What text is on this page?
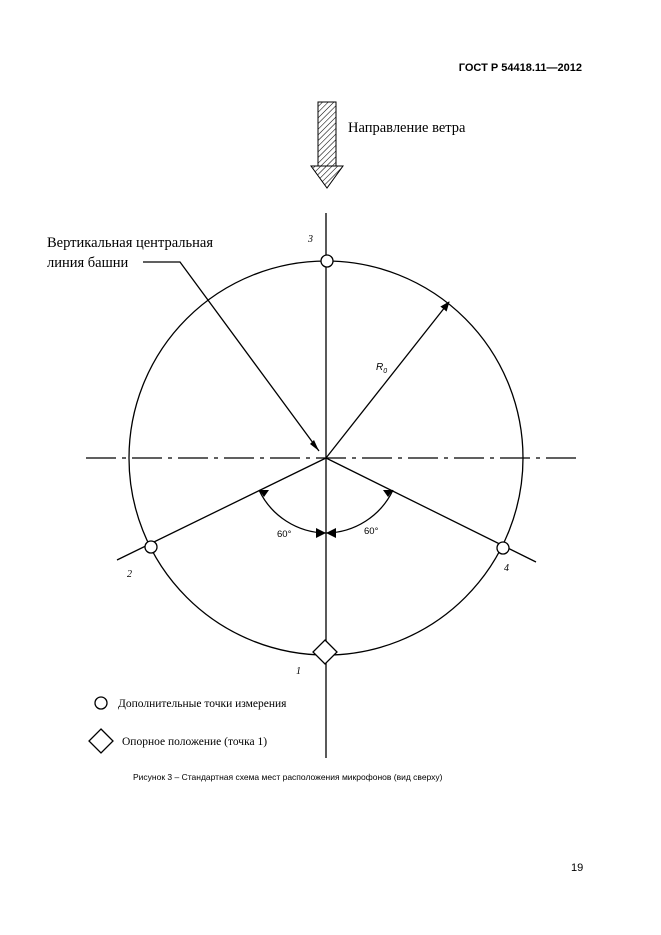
ГОСТ Р 54418.11—2012
Направление ветра
$R_0$
Вертикальная центральная
линия башни
60°	60°
3
2
4
1
Дополнительные точки измерения
Опорное положение (точка 1)
Рисунок 3 – Стандартная схема мест расположения микрофонов (вид сверху)
19
